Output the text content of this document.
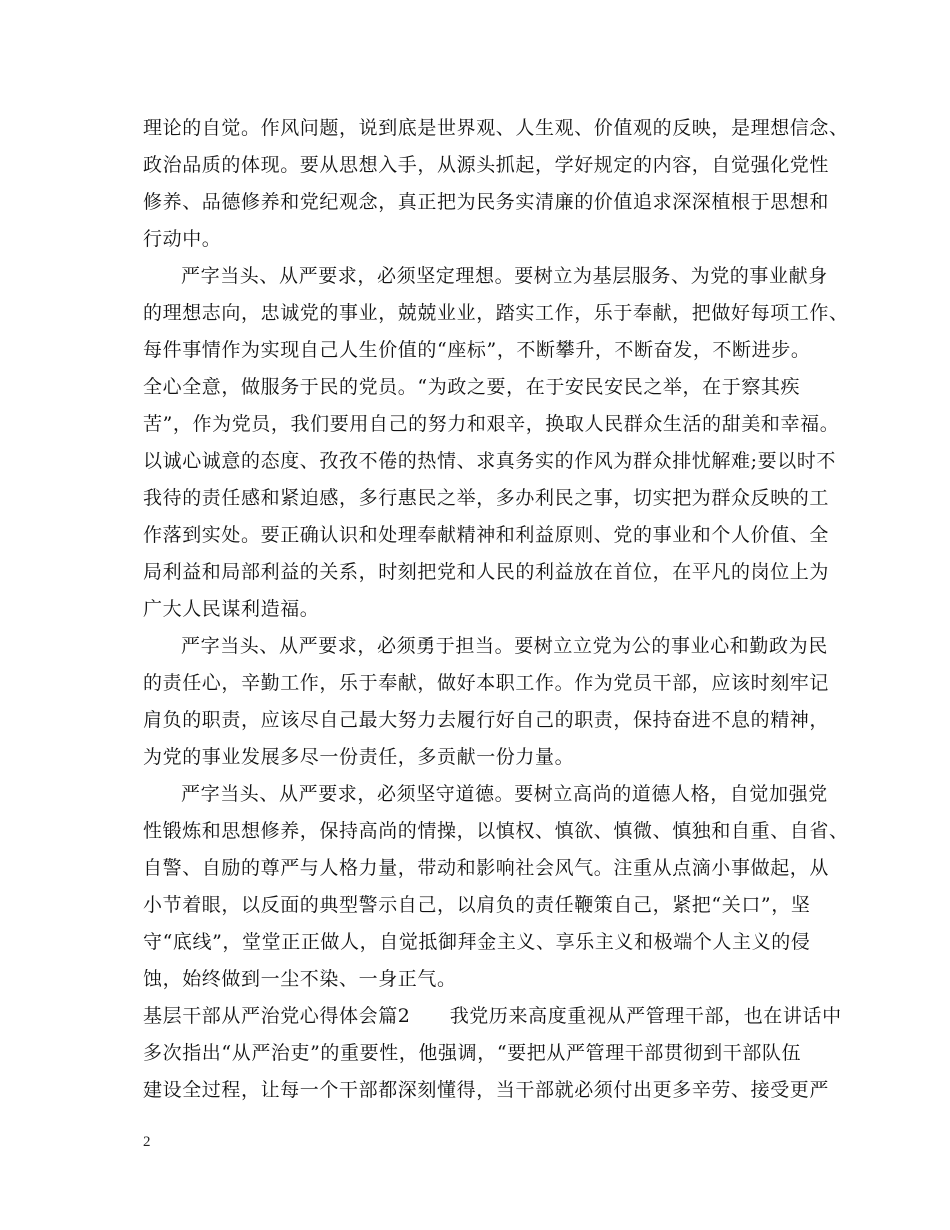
理论的自觉。作风问题，说到底是世界观、人生观、价值观的反映，是理想信念、
政治品质的体现。要从思想入手，从源头抓起，学好规定的内容，自觉强化党性
修养、品德修养和党纪观念，真正把为民务实清廉的价值追求深深植根于思想和
行动中。
严字当头、从严要求，必须坚定理想。要树立为基层服务、为党的事业献身
的理想志向，忠诚党的事业，兢兢业业，踏实工作，乐于奉献，把做好每项工作、
每件事情作为实现自己人生价值的“座标”，不断攀升，不断奋发，不断进步。
全心全意，做服务于民的党员。“为政之要，在于安民安民之举，在于察其疾
苦”，作为党员，我们要用自己的努力和艰辛，换取人民群众生活的甜美和幸福。
以诚心诚意的态度、孜孜不倦的热情、求真务实的作风为群众排忧解难;要以时不
我待的责任感和紧迫感，多行惠民之举，多办利民之事，切实把为群众反映的工
作落到实处。要正确认识和处理奉献精神和利益原则、党的事业和个人价值、全
局利益和局部利益的关系，时刻把党和人民的利益放在首位，在平凡的岗位上为
广大人民谋利造福。
严字当头、从严要求，必须勇于担当。要树立立党为公的事业心和勤政为民
的责任心，辛勤工作，乐于奉献，做好本职工作。作为党员干部，应该时刻牢记
肩负的职责，应该尽自己最大努力去履行好自己的职责，保持奋进不息的精神，
为党的事业发展多尽一份责任，多贡献一份力量。
严字当头、从严要求，必须坚守道德。要树立高尚的道德人格，自觉加强党
性锻炼和思想修养，保持高尚的情操，以慎权、慎欲、慎微、慎独和自重、自省、
自警、自励的尊严与人格力量，带动和影响社会风气。注重从点滴小事做起，从
小节着眼，以反面的典型警示自己，以肩负的责任鞭策自己，紧把“关口”，坚
守“底线”，堂堂正正做人，自觉抵御拜金主义、享乐主义和极端个人主义的侵
蚀，始终做到一尘不染、一身正气。
基层干部从严治党心得体会篇2　　我党历来高度重视从严管理干部，也在讲话中
多次指出“从严治吏”的重要性，他强调，“要把从严管理干部贯彻到干部队伍
建设全过程，让每一个干部都深刻懂得，当干部就必须付出更多辛劳、接受更严
2
